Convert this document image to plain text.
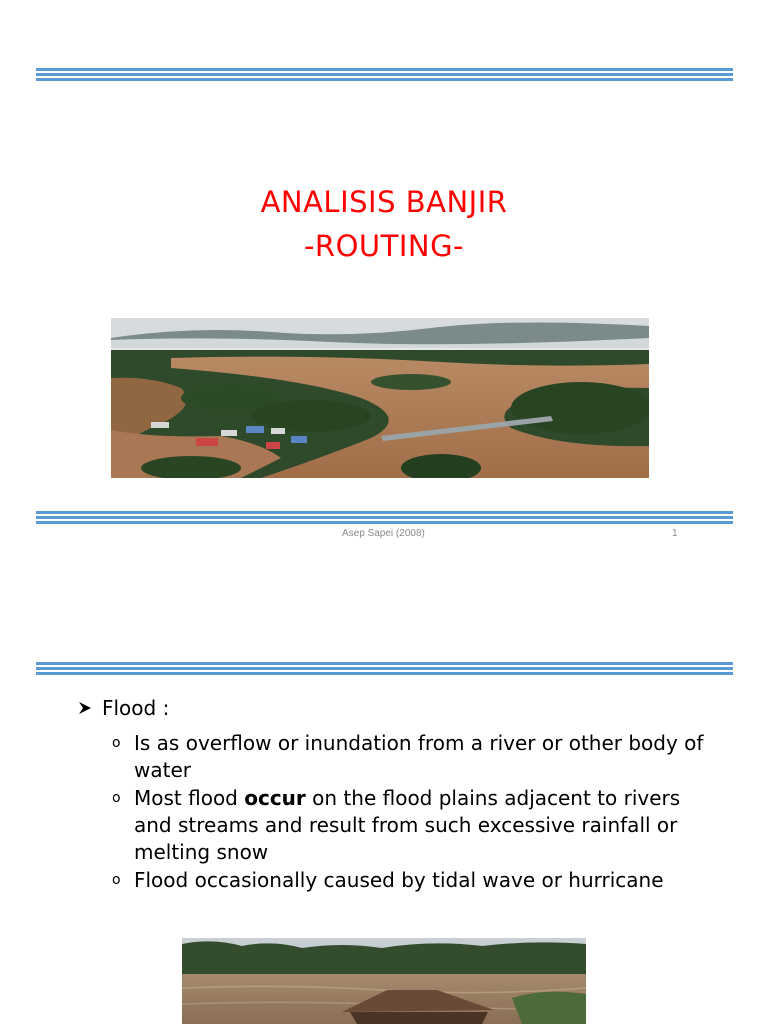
ANALISIS BANJIR
-ROUTING-
Asep Sapei (2008)	1
Flood :
o Is as overflow or inundation from a river or other body of water
o Most flood occur on the flood plains adjacent to rivers and streams and result from such excessive rainfall or melting snow
o Flood occasionally caused by tidal wave or hurricane
